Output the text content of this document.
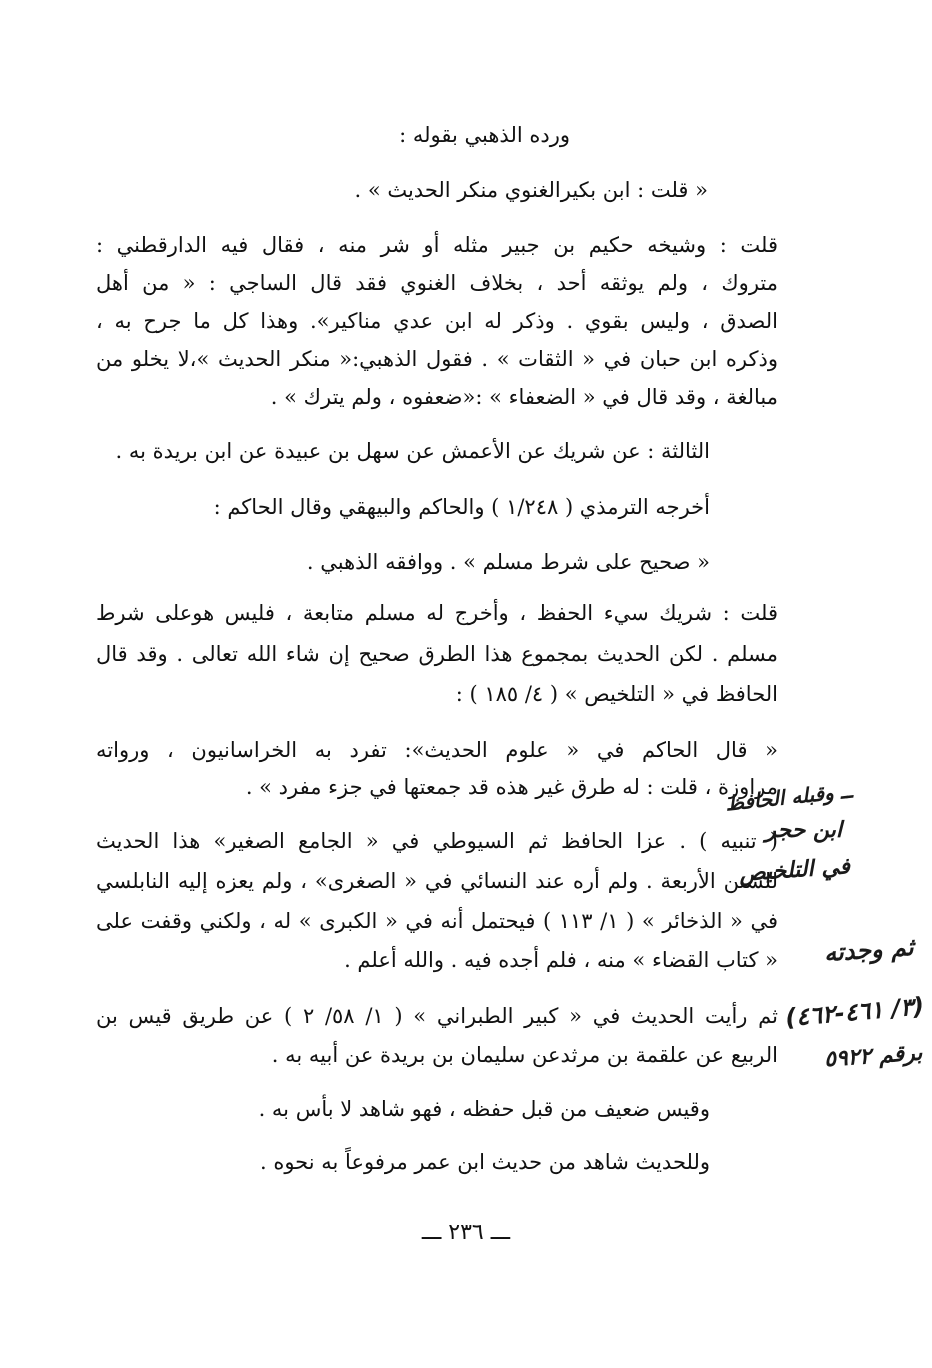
ورده الذهبي بقوله :
« قلت : ابن بكيرالغنوي منكر الحديث » .
قلت : وشيخه حكيم بن جبير مثله أو شر منه ، فقال فيه الدارقطني :
متروك ، ولم يوثقه أحد ، بخلاف الغنوي فقد قال الساجي : « من أهل
الصدق ، وليس بقوي . وذكر له ابن عدي مناكير». وهذا كل ما جرح به ،
وذكره ابن حبان في « الثقات » . فقول الذهبي:« منكر الحديث »،لا يخلو من
مبالغة ، وقد قال في « الضعفاء » :«ضعفوه ، ولم يترك » .
الثالثة : عن شريك عن الأعمش عن سهل بن عبيدة عن ابن بريدة به .
أخرجه الترمذي ( ١/٢٤٨ ) والحاكم والبيهقي وقال الحاكم :
« صحيح على شرط مسلم » . ووافقه الذهبي .
قلت : شريك سيء الحفظ ، وأخرج له مسلم متابعة ، فليس هوعلى شرط
مسلم . لكن الحديث بمجموع هذا الطرق صحيح إن شاء الله تعالى . وقد قال
الحافظ في « التلخيص » ( ٤/ ١٨٥ ) :
« قال الحاكم في « علوم الحديث»: تفرد به الخراسانيون ، ورواته
مراوزة ، قلت : له طرق غير هذه قد جمعتها في جزء مفرد » .
( تنبيه ) . عزا الحافظ ثم السيوطي في « الجامع الصغير» هذا الحديث
للسنن الأربعة . ولم أره عند النسائي في « الصغرى» ، ولم يعزه إليه النابلسي
في « الذخائر » ( ١/ ١١٣ ) فيحتمل أنه في « الكبرى » له ، ولكني وقفت على
« كتاب القضاء » منه ، فلم أجده فيه . والله أعلم .
ثم رأيت الحديث في « كبير الطبراني » ( ١/ ٥٨/ ٢ ) عن طريق قيس بن
الربيع عن علقمة بن مرثدعن سليمان بن بريدة عن أبيه به .
وقيس ضعيف من قبل حفظه ، فهو شاهد لا بأس به .
وللحديث شاهد من حديث ابن عمر مرفوعاً به نحوه .
ــ وقبله الحافظ
ابن حجر
في التلخيص
ثم وجدته
(٣/ ٤٦١-٤٦٢)
برقم ٥٩٢٢
ـــ ٢٣٦ ـــ
